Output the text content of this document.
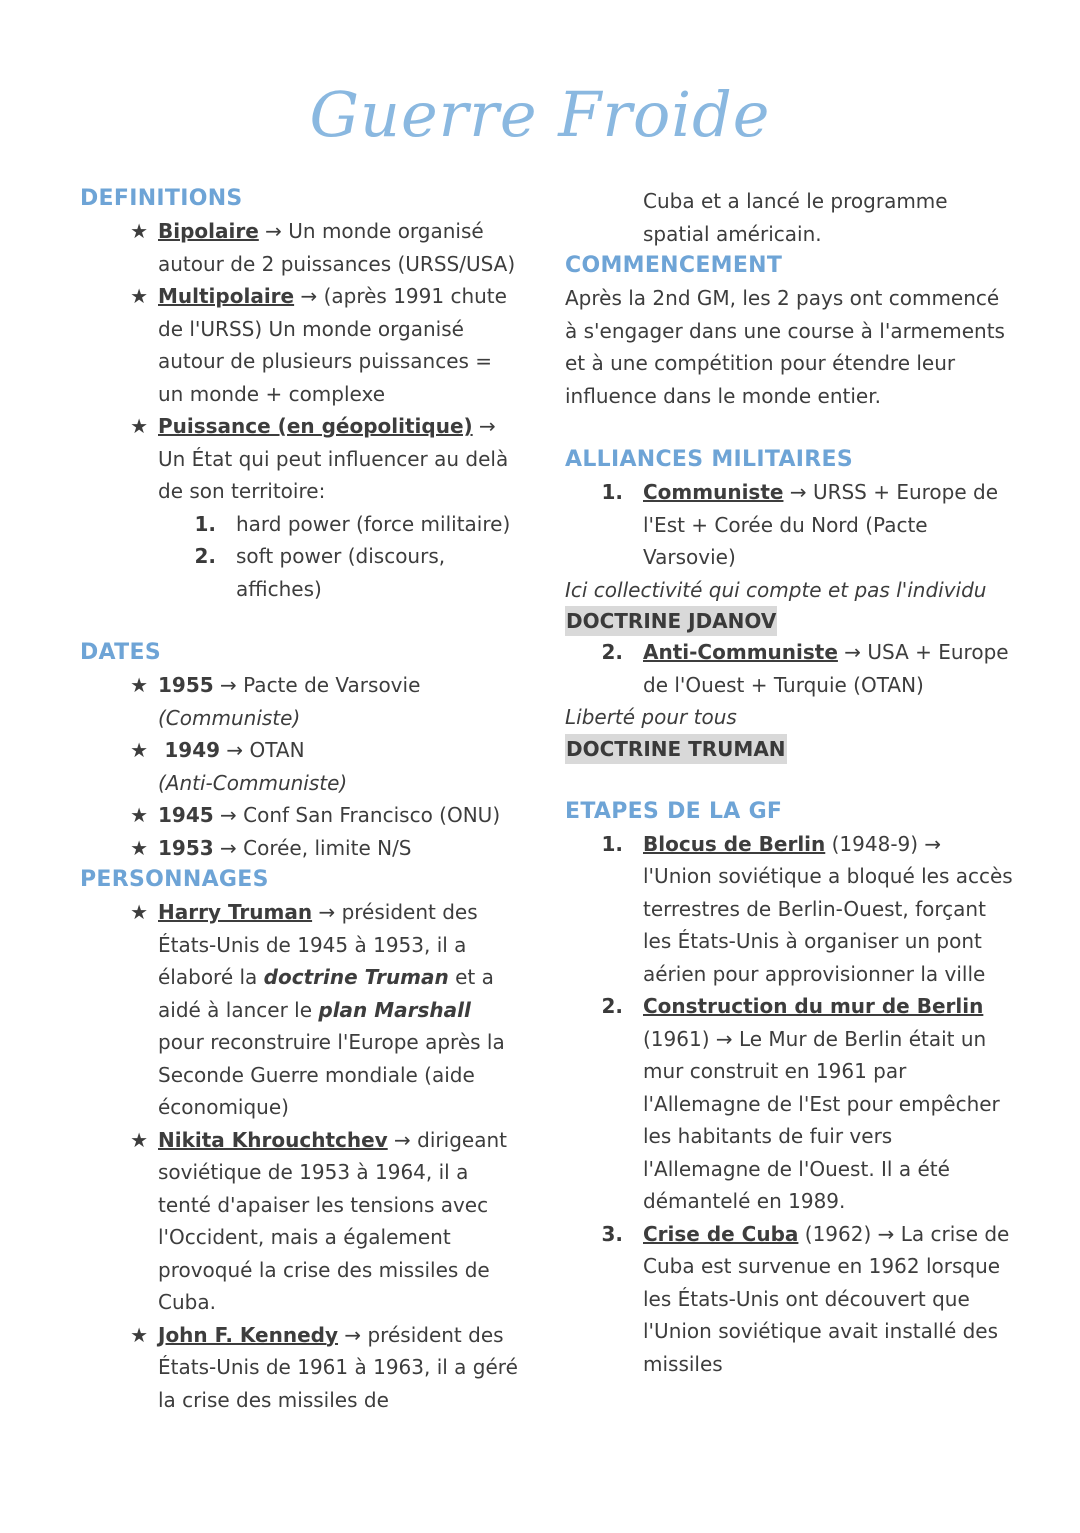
Guerre Froide
DEFINITIONS
★ Bipolaire → Un monde organisé autour de 2 puissances (URSS/USA)

★ Multipolaire → (après 1991 chute de l'URSS) Un monde organisé autour de plusieurs puissances = un monde + complexe

★ Puissance (en géopolitique) → Un État qui peut influencer au delà de son territoire:

1.	hard power (force militaire)

2.	soft power (discours, affiches)

DATES
★ 1955 → Pacte de Varsovie
(Communiste)

★ 1949 → OTAN
(Anti-Communiste)

★ 1945 → Conf San Francisco (ONU)

★ 1953 → Corée, limite N/S

PERSONNAGES
★ Harry Truman → président des États-Unis de 1945 à 1953, il a élaboré la doctrine Truman et a aidé à lancer le plan Marshall pour reconstruire l'Europe après la Seconde Guerre mondiale (aide économique)

★ Nikita Khrouchtchev → dirigeant soviétique de 1953 à 1964, il a tenté d'apaiser les tensions avec l'Occident, mais a également provoqué la crise des missiles de Cuba.

★ John F. Kennedy → président des États-Unis de 1961 à 1963, il a géré la crise des missiles de

Cuba et a lancé le programme spatial américain.

COMMENCEMENT

Après la 2nd GM, les 2 pays ont commencé à s'engager dans une course à l'armements et à une compétition pour étendre leur influence dans le monde entier.

ALLIANCES MILITAIRES
1.	Communiste → URSS + Europe de l'Est + Corée du Nord (Pacte Varsovie)

Ici collectivité qui compte et pas l'individu

DOCTRINE JDANOV
2.	Anti-Communiste → USA + Europe de l'Ouest + Turquie (OTAN)

Liberté pour tous

DOCTRINE TRUMAN
ETAPES DE LA GF
1.	Blocus de Berlin (1948-9) → l'Union soviétique a bloqué les accès terrestres de Berlin-Ouest, forçant les États-Unis à organiser un pont aérien pour approvisionner la ville

2.	Construction du mur de Berlin (1961) → Le Mur de Berlin était un mur construit en 1961 par l'Allemagne de l'Est pour empêcher les habitants de fuir vers l'Allemagne de l'Ouest. Il a été démantelé en 1989.

3.	Crise de Cuba (1962) → La crise de Cuba est survenue en 1962 lorsque les États-Unis ont découvert que l'Union soviétique avait installé des missiles
